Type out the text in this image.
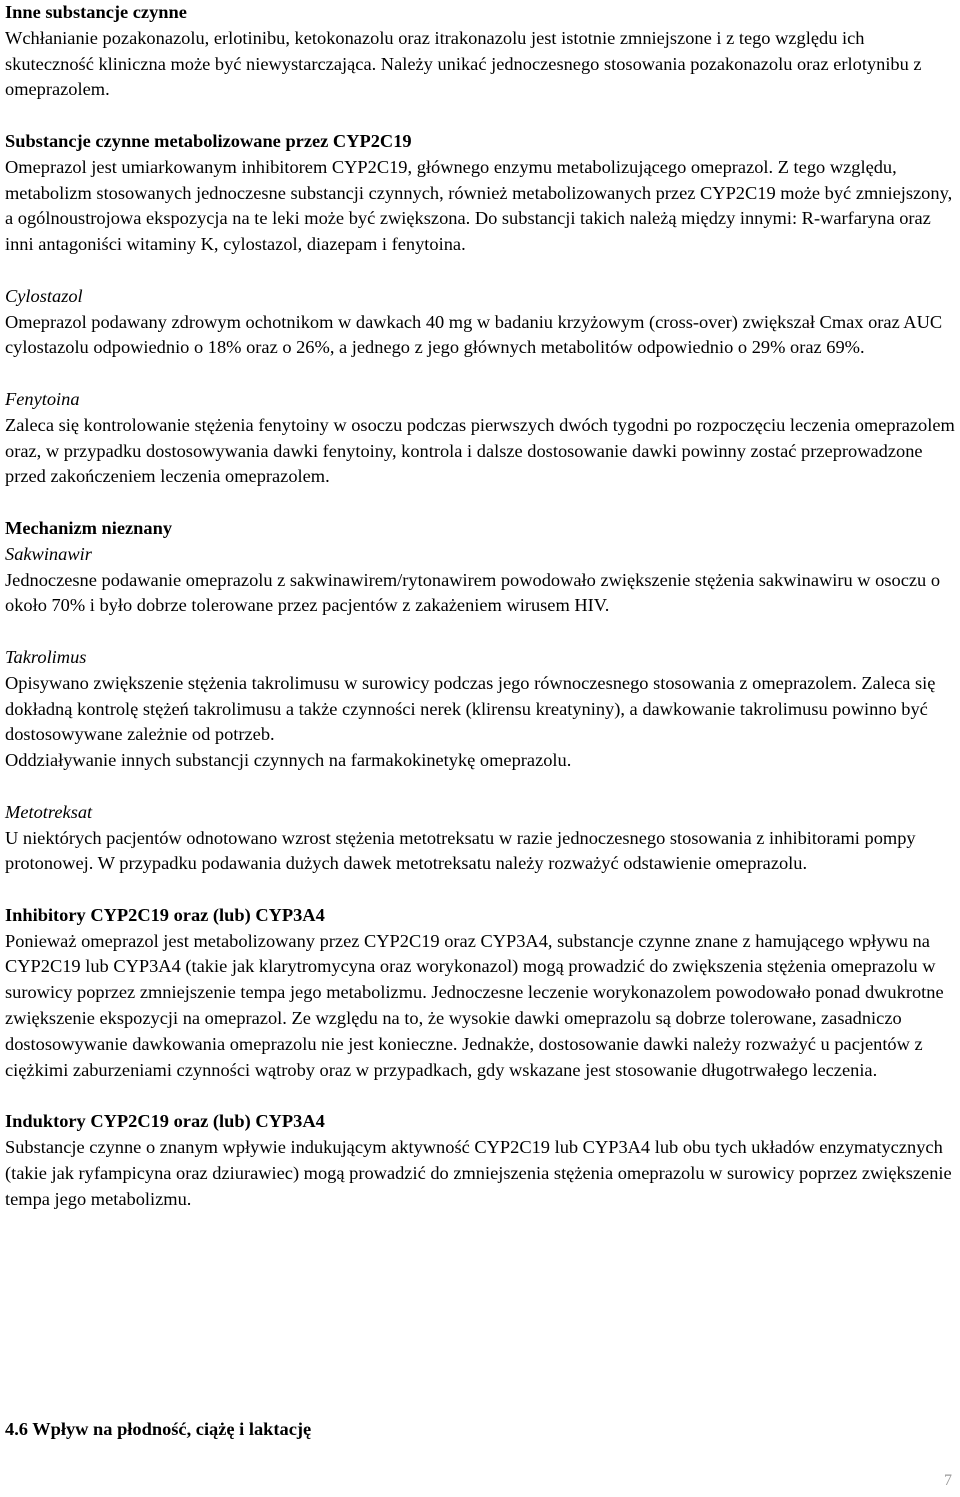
Inne substancje czynne

Wchłanianie pozakonazolu, erlotinibu, ketokonazolu oraz itrakonazolu jest istotnie zmniejszone i z tego względu ich skuteczność kliniczna może być niewystarczająca. Należy unikać jednoczesnego stosowania pozakonazolu oraz erlotynibu z omeprazolem.

Substancje czynne metabolizowane przez CYP2C19

Omeprazol jest umiarkowanym inhibitorem CYP2C19, głównego enzymu metabolizującego omeprazol. Z tego względu, metabolizm stosowanych jednoczesne substancji czynnych, również metabolizowanych przez CYP2C19 może być zmniejszony, a ogólnoustrojowa ekspozycja na te leki może być zwiększona. Do substancji takich należą między innymi: R-warfaryna oraz inni antagoniści witaminy K, cylostazol, diazepam i fenytoina.

Cylostazol

Omeprazol podawany zdrowym ochotnikom w dawkach 40 mg w badaniu krzyżowym (cross-over) zwiększał Cmax oraz AUC cylostazolu odpowiednio o 18% oraz o 26%, a jednego z jego głównych metabolitów odpowiednio o 29% oraz 69%.

Fenytoina

Zaleca się kontrolowanie stężenia fenytoiny w osoczu podczas pierwszych dwóch tygodni po rozpoczęciu leczenia omeprazolem oraz, w przypadku dostosowywania dawki fenytoiny, kontrola i dalsze dostosowanie dawki powinny zostać przeprowadzone przed zakończeniem leczenia omeprazolem.

Mechanizm nieznany

Sakwinawir

Jednoczesne podawanie omeprazolu z sakwinawirem/rytonawirem powodowało zwiększenie stężenia sakwinawiru w osoczu o około 70% i było dobrze tolerowane przez pacjentów z zakażeniem wirusem HIV.

Takrolimus

Opisywano zwiększenie stężenia takrolimusu w surowicy podczas jego równoczesnego stosowania z omeprazolem. Zaleca się dokładną kontrolę stężeń takrolimusu a także czynności nerek (klirensu kreatyniny), a dawkowanie takrolimusu powinno być dostosowywane zależnie od potrzeb.

Oddziaływanie innych substancji czynnych na farmakokinetykę omeprazolu.

Metotreksat

U niektórych pacjentów odnotowano wzrost stężenia metotreksatu w razie jednoczesnego stosowania z inhibitorami pompy protonowej. W przypadku podawania dużych dawek metotreksatu należy rozważyć odstawienie omeprazolu.

Inhibitory CYP2C19 oraz (lub) CYP3A4

Ponieważ omeprazol jest metabolizowany przez CYP2C19 oraz CYP3A4, substancje czynne znane z hamującego wpływu na CYP2C19 lub CYP3A4 (takie jak klarytromycyna oraz worykonazol) mogą prowadzić do zwiększenia stężenia omeprazolu w surowicy poprzez zmniejszenie tempa jego metabolizmu. Jednoczesne leczenie worykonazolem powodowało ponad dwukrotne zwiększenie ekspozycji na omeprazol. Ze względu na to, że wysokie dawki omeprazolu są dobrze tolerowane, zasadniczo dostosowywanie dawkowania omeprazolu nie jest konieczne. Jednakże, dostosowanie dawki należy rozważyć u pacjentów z ciężkimi zaburzeniami czynności wątroby oraz w przypadkach, gdy wskazane jest stosowanie długotrwałego leczenia.

Induktory CYP2C19 oraz (lub) CYP3A4

Substancje czynne o znanym wpływie indukującym aktywność CYP2C19 lub CYP3A4 lub obu tych układów enzymatycznych (takie jak ryfampicyna oraz dziurawiec) mogą prowadzić do zmniejszenia stężenia omeprazolu w surowicy poprzez zwiększenie tempa jego metabolizmu.

4.6 Wpływ na płodność, ciążę i laktację

7
